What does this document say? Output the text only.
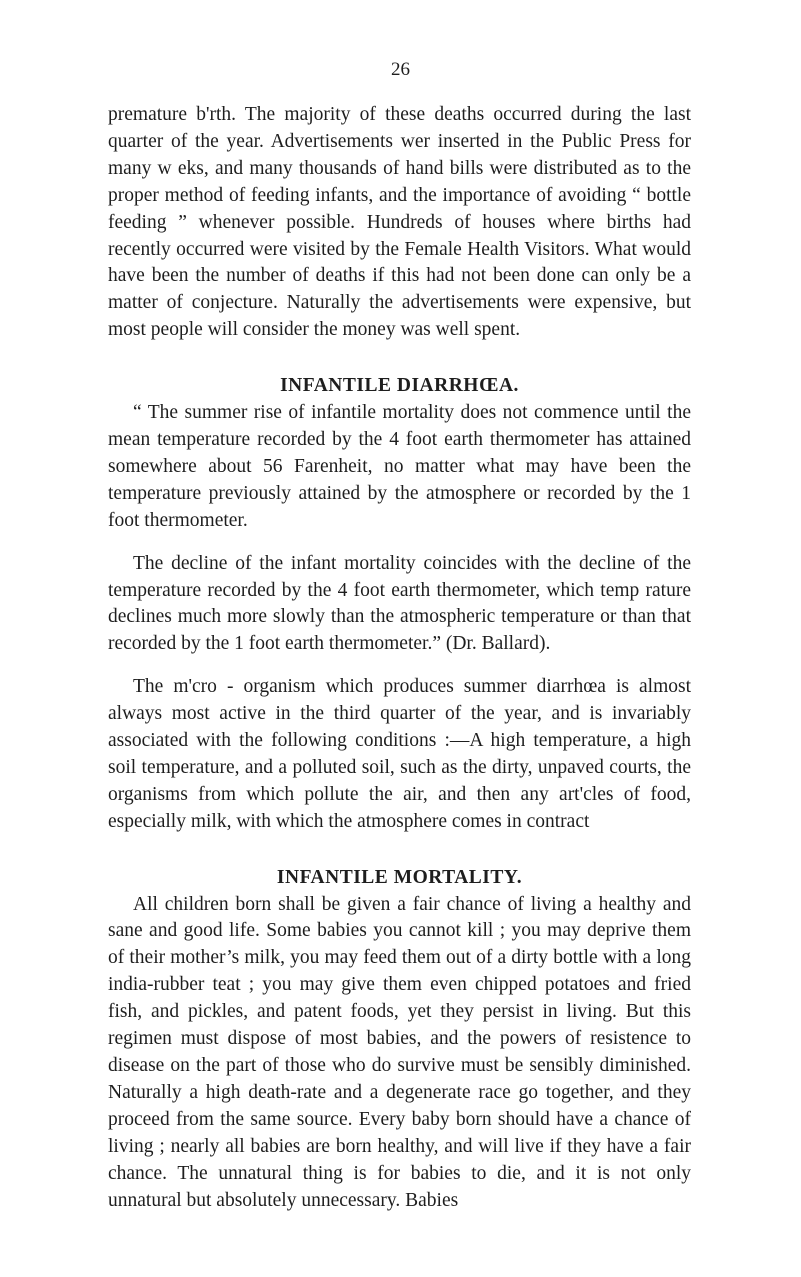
26

premature b'rth. The majority of these deaths occurred during the last quarter of the year. Advertisements wer inserted in the Public Press for many w eks, and many thousands of hand bills were distributed as to the proper method of feeding infants, and the importance of avoiding “ bottle feeding ” whenever possible. Hundreds of houses where births had recently occurred were visited by the Female Health Visitors. What would have been the number of deaths if this had not been done can only be a matter of conjecture. Naturally the advertisements were expensive, but most people will consider the money was well spent.

INFANTILE DIARRHŒA.

“ The summer rise of infantile mortality does not commence until the mean temperature recorded by the 4 foot earth thermometer has attained somewhere about 56 Farenheit, no matter what may have been the temperature previously attained by the atmosphere or recorded by the 1 foot thermometer.

The decline of the infant mortality coincides with the decline of the temperature recorded by the 4 foot earth thermometer, which temp rature declines much more slowly than the atmospheric temperature or than that recorded by the 1 foot earth thermometer.” (Dr. Ballard).

The m'cro - organism which produces summer diarrhœa is almost always most active in the third quarter of the year, and is invariably associated with the following conditions :—A high temperature, a high soil temperature, and a polluted soil, such as the dirty, unpaved courts, the organisms from which pollute the air, and then any art'cles of food, especially milk, with which the atmosphere comes in contract

INFANTILE MORTALITY.

All children born shall be given a fair chance of living a healthy and sane and good life. Some babies you cannot kill ; you may deprive them of their mother’s milk, you may feed them out of a dirty bottle with a long india-rubber teat ; you may give them even chipped potatoes and fried fish, and pickles, and patent foods, yet they persist in living. But this regimen must dispose of most babies, and the powers of resistence to disease on the part of those who do survive must be sensibly diminished. Naturally a high death-rate and a degenerate race go together, and they proceed from the same source. Every baby born should have a chance of living ; nearly all babies are born healthy, and will live if they have a fair chance. The unnatural thing is for babies to die, and it is not only unnatural but absolutely unnecessary. Babies
